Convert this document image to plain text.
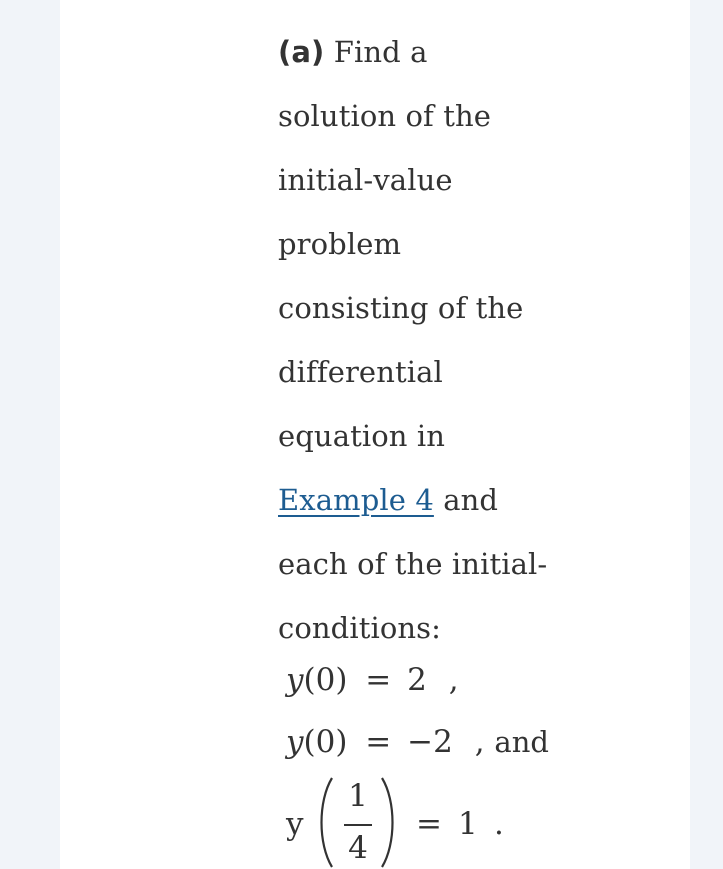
(a) Find a
solution of the
initial-value
problem
consisting of the
differential
equation in
Example 4 and
each of the initial-
conditions:
y(0) = 2 ,
y(0) = −2 , and
y
1
4
= 1 .
